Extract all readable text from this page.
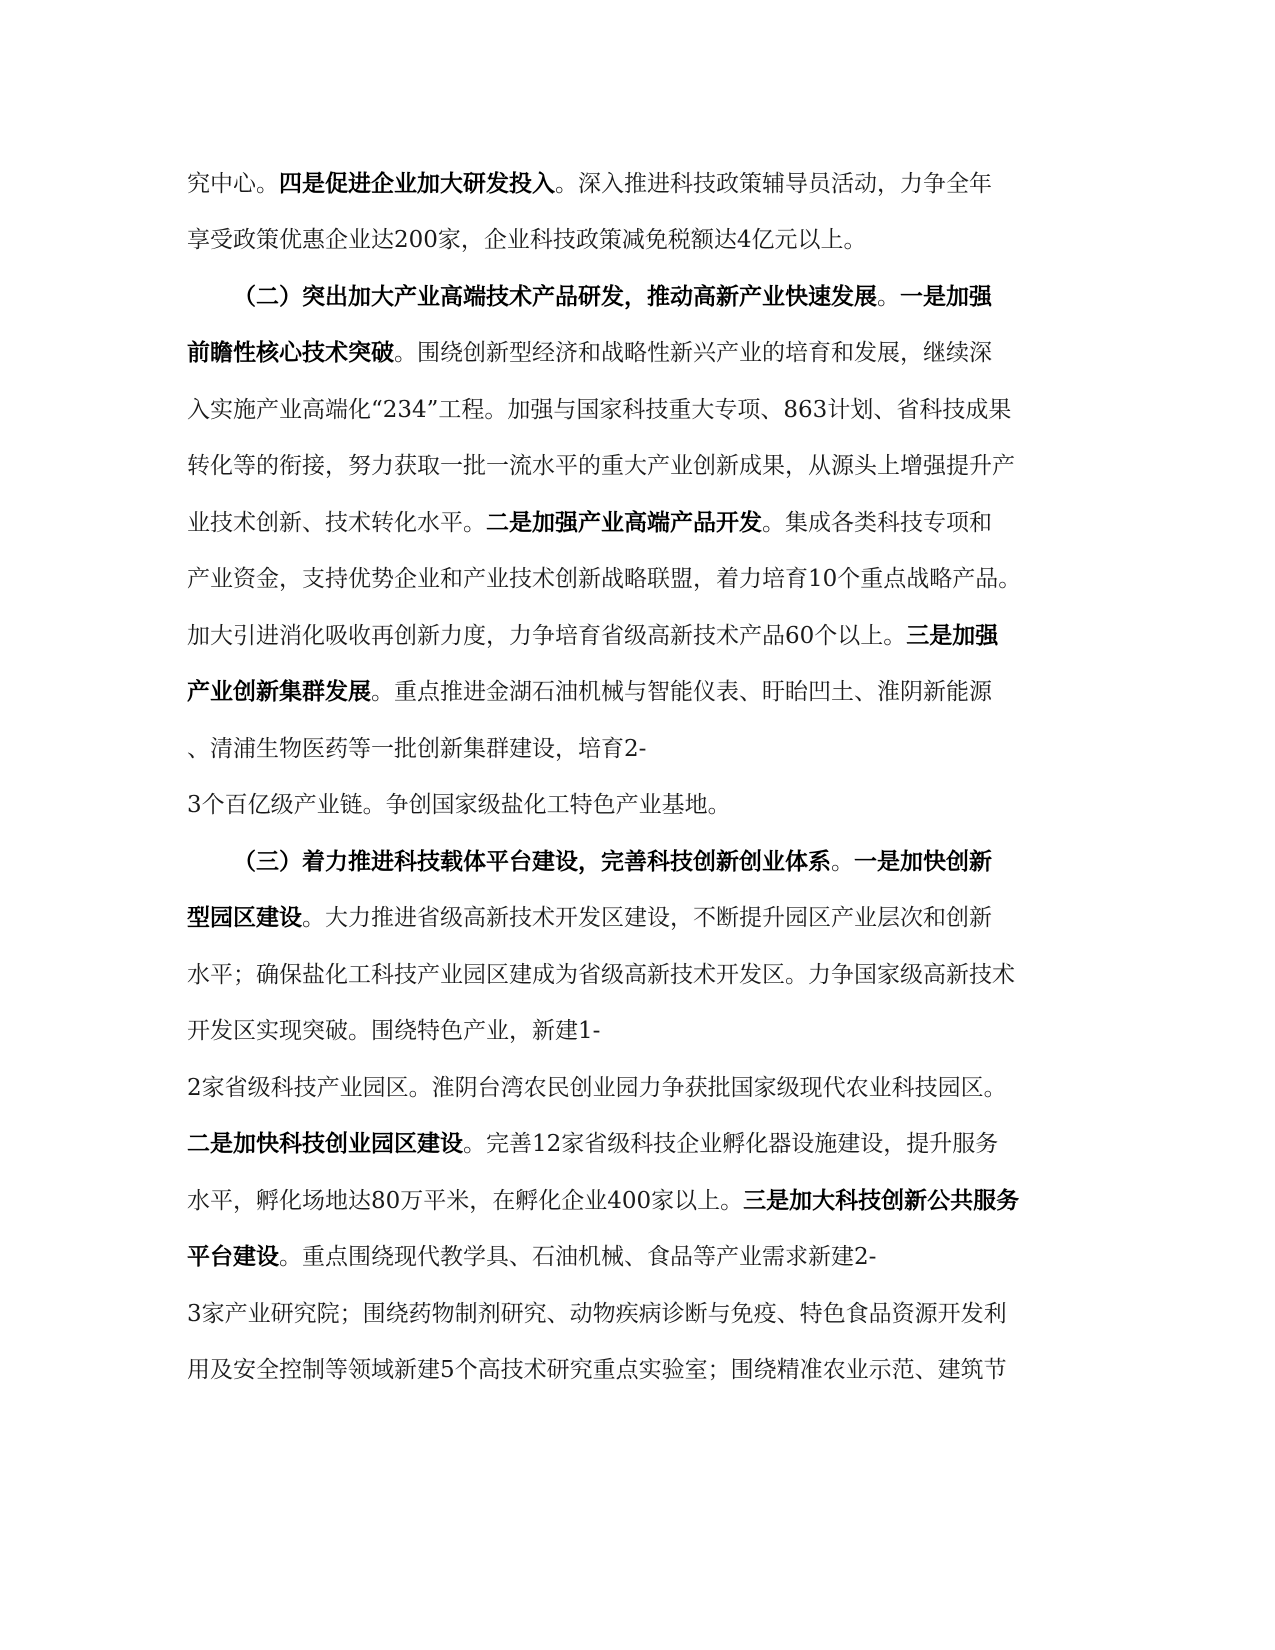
究中心。四是促进企业加大研发投入。深入推进科技政策辅导员活动，力争全年
享受政策优惠企业达200家，企业科技政策减免税额达4亿元以上。
（二）突出加大产业高端技术产品研发，推动高新产业快速发展。一是加强
前瞻性核心技术突破。围绕创新型经济和战略性新兴产业的培育和发展，继续深
入实施产业高端化“234”工程。加强与国家科技重大专项、863计划、省科技成果
转化等的衔接，努力获取一批一流水平的重大产业创新成果，从源头上增强提升产
业技术创新、技术转化水平。二是加强产业高端产品开发。集成各类科技专项和
产业资金，支持优势企业和产业技术创新战略联盟，着力培育10个重点战略产品。
加大引进消化吸收再创新力度，力争培育省级高新技术产品60个以上。三是加强
产业创新集群发展。重点推进金湖石油机械与智能仪表、盱眙凹土、淮阴新能源
、清浦生物医药等一批创新集群建设，培育2-
3个百亿级产业链。争创国家级盐化工特色产业基地。
（三）着力推进科技载体平台建设，完善科技创新创业体系。一是加快创新
型园区建设。大力推进省级高新技术开发区建设，不断提升园区产业层次和创新
水平；确保盐化工科技产业园区建成为省级高新技术开发区。力争国家级高新技术
开发区实现突破。围绕特色产业，新建1-
2家省级科技产业园区。淮阴台湾农民创业园力争获批国家级现代农业科技园区。
二是加快科技创业园区建设。完善12家省级科技企业孵化器设施建设，提升服务
水平，孵化场地达80万平米，在孵化企业400家以上。三是加大科技创新公共服务
平台建设。重点围绕现代教学具、石油机械、食品等产业需求新建2-
3家产业研究院；围绕药物制剂研究、动物疾病诊断与免疫、特色食品资源开发利
用及安全控制等领域新建5个高技术研究重点实验室；围绕精准农业示范、建筑节
